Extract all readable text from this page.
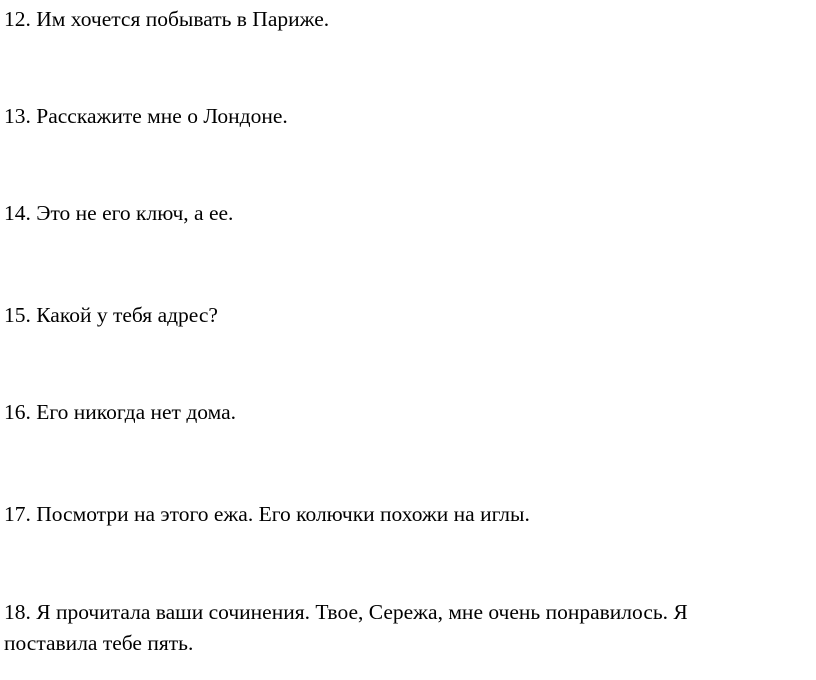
12. Им хочется побывать в Париже.

13. Расскажите мне о Лондоне.

14. Это не его ключ, а ее.

15. Какой у тебя адрес?

16. Его никогда нет дома.

17. Посмотри на этого ежа. Его колючки похожи на иглы.

18. Я прочитала ваши сочинения. Твое, Сережа, мне очень понравилось. Я

поставила тебе пять.
